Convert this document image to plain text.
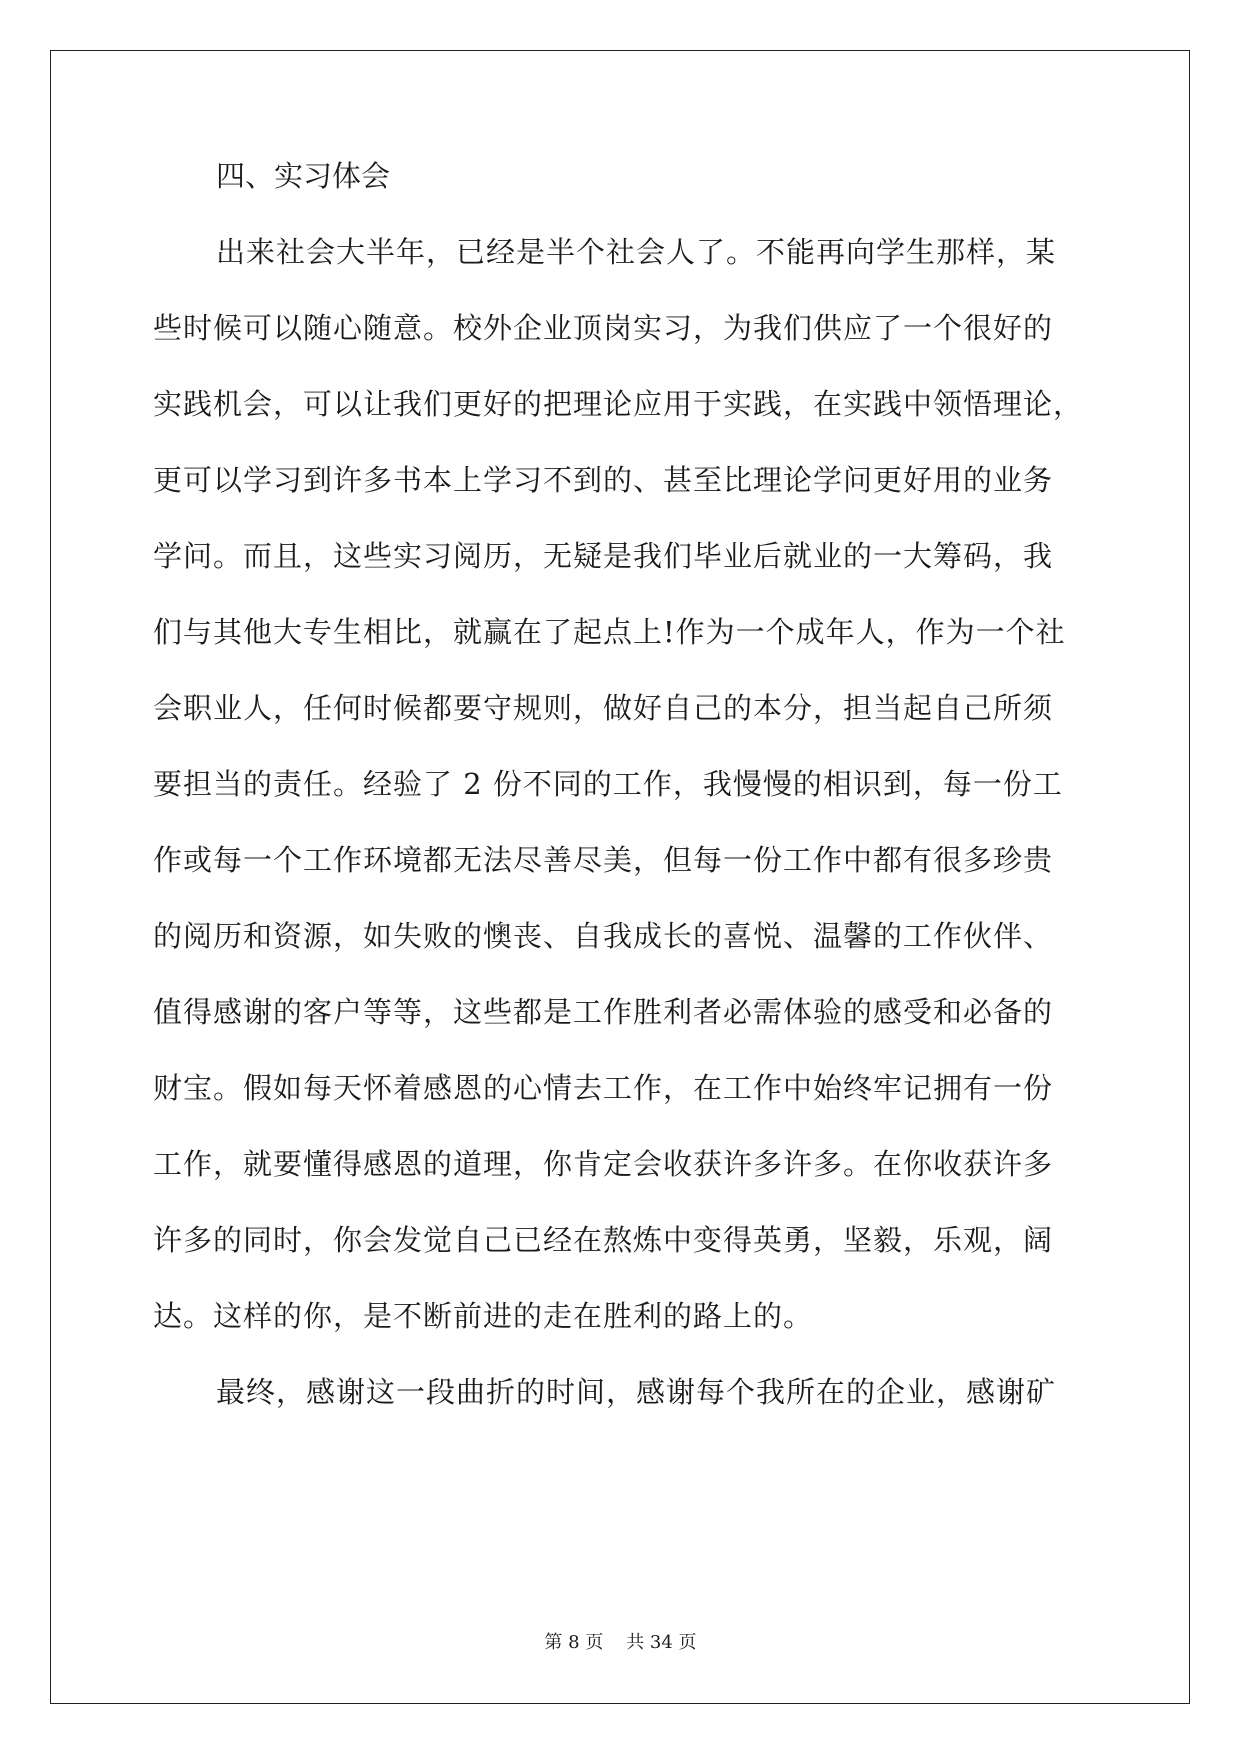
四、实习体会
出来社会大半年，已经是半个社会人了。不能再向学生那样，某
些时候可以随心随意。校外企业顶岗实习，为我们供应了一个很好的
实践机会，可以让我们更好的把理论应用于实践，在实践中领悟理论，
更可以学习到许多书本上学习不到的、甚至比理论学问更好用的业务
学问。而且，这些实习阅历，无疑是我们毕业后就业的一大筹码，我
们与其他大专生相比，就赢在了起点上!作为一个成年人，作为一个社
会职业人，任何时候都要守规则，做好自己的本分，担当起自己所须
要担当的责任。经验了 2 份不同的工作，我慢慢的相识到，每一份工
作或每一个工作环境都无法尽善尽美，但每一份工作中都有很多珍贵
的阅历和资源，如失败的懊丧、自我成长的喜悦、温馨的工作伙伴、
值得感谢的客户等等，这些都是工作胜利者必需体验的感受和必备的
财宝。假如每天怀着感恩的心情去工作，在工作中始终牢记拥有一份
工作，就要懂得感恩的道理，你肯定会收获许多许多。在你收获许多
许多的同时，你会发觉自己已经在熬炼中变得英勇，坚毅，乐观，阔
达。这样的你，是不断前进的走在胜利的路上的。
最终，感谢这一段曲折的时间，感谢每个我所在的企业，感谢矿
第 8 页    共 34 页
